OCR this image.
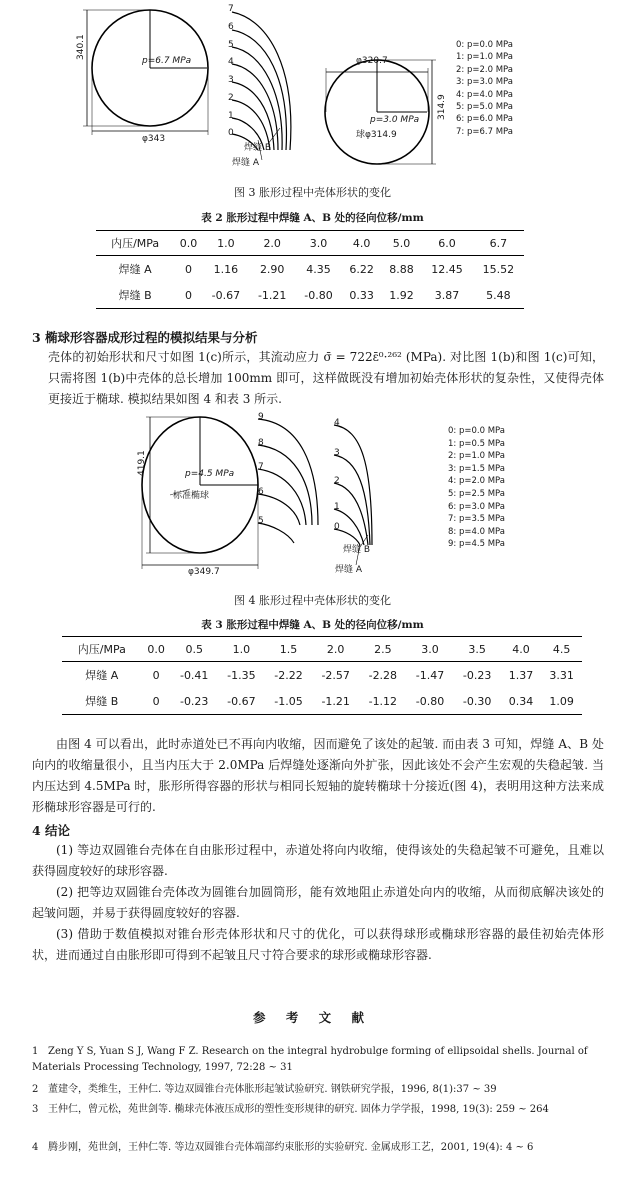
p=6.7 MPa
340.1
φ343
7
6
5
4
3
2
1
0
焊缝 B
焊缝 A
φ320.7
314.9
p=3.0 MPa
球φ314.9
0: p=0.0 MPa
1: p=1.0 MPa
2: p=2.0 MPa
3: p=3.0 MPa
4: p=4.0 MPa
5: p=5.0 MPa
6: p=6.0 MPa
7: p=6.7 MPa
图 3 胀形过程中壳体形状的变化
表 2 胀形过程中焊缝 A、B 处的径向位移/mm
内压/MPa	0.0	1.0	2.0	3.0	4.0	5.0	6.0	6.7
焊缝 A	0	1.16	2.90	4.35	6.22	8.88	12.45	15.52
焊缝 B	0	-0.67	-1.21	-0.80	0.33	1.92	3.87	5.48
3 椭球形容器成形过程的模拟结果与分析
壳体的初始形状和尺寸如图 1(c)所示，其流动应力 σ̄ = 722ε̄⁰·²⁶² (MPa). 对比图 1(b)和图 1(c)可知，只需将图 1(b)中壳体的总长增加 100mm 即可，这样做既没有增加初始壳体形状的复杂性，又使得壳体更接近于椭球. 模拟结果如图 4 和表 3 所示.
419.1	p=4.5 MPa
标准椭球
φ349.7
9
8
7
6
5
4
3
2
1
0
焊缝 B
焊缝 A
0: p=0.0 MPa
1: p=0.5 MPa
2: p=1.0 MPa
3: p=1.5 MPa
4: p=2.0 MPa
5: p=2.5 MPa
6: p=3.0 MPa
7: p=3.5 MPa
8: p=4.0 MPa
9: p=4.5 MPa
图 4 胀形过程中壳体形状的变化
表 3 胀形过程中焊缝 A、B 处的径向位移/mm
内压/MPa	0.0	0.5	1.0	1.5	2.0	2.5	3.0	3.5	4.0	4.5
焊缝 A	0	-0.41	-1.35	-2.22	-2.57	-2.28	-1.47	-0.23	1.37	3.31
焊缝 B	0	-0.23	-0.67	-1.05	-1.21	-1.12	-0.80	-0.30	0.34	1.09
由图 4 可以看出，此时赤道处已不再向内收缩，因而避免了该处的起皱. 而由表 3 可知，焊缝 A、B 处向内的收缩量很小，且当内压大于 2.0MPa 后焊缝处逐渐向外扩张，因此该处不会产生宏观的失稳起皱. 当内压达到 4.5MPa 时，胀形所得容器的形状与相同长短轴的旋转椭球十分接近(图 4)，表明用这种方法来成形椭球形容器是可行的.
4 结论
(1) 等边双圆锥台壳体在自由胀形过程中，赤道处将向内收缩，使得该处的失稳起皱不可避免，且难以获得圆度较好的球形容器.
(2) 把等边双圆锥台壳体改为圆锥台加圆筒形，能有效地阻止赤道处向内的收缩，从而彻底解决该处的起皱问题，并易于获得圆度较好的容器.
(3) 借助于数值模拟对锥台形壳体形状和尺寸的优化，可以获得球形或椭球形容器的最佳初始壳体形状，进而通过自由胀形即可得到不起皱且尺寸符合要求的球形或椭球形容器.
参 考 文 献
1 Zeng Y S, Yuan S J, Wang F Z. Research on the integral hydrobulge forming of ellipsoidal shells. Journal of Materials Processing Technology, 1997, 72:28 ~ 31
2 董建令，类维生，王仲仁. 等边双圆锥台壳体胀形起皱试验研究. 钢铁研究学报，1996, 8(1):37 ~ 39
3 王仲仁，曾元松，苑世剑等. 椭球壳体液压成形的塑性变形规律的研究. 固体力学学报，1998, 19(3): 259 ~ 264
4 腾步刚，苑世剑，王仲仁等. 等边双圆锥台壳体端部约束胀形的实验研究. 金属成形工艺，2001, 19(4): 4 ~ 6
